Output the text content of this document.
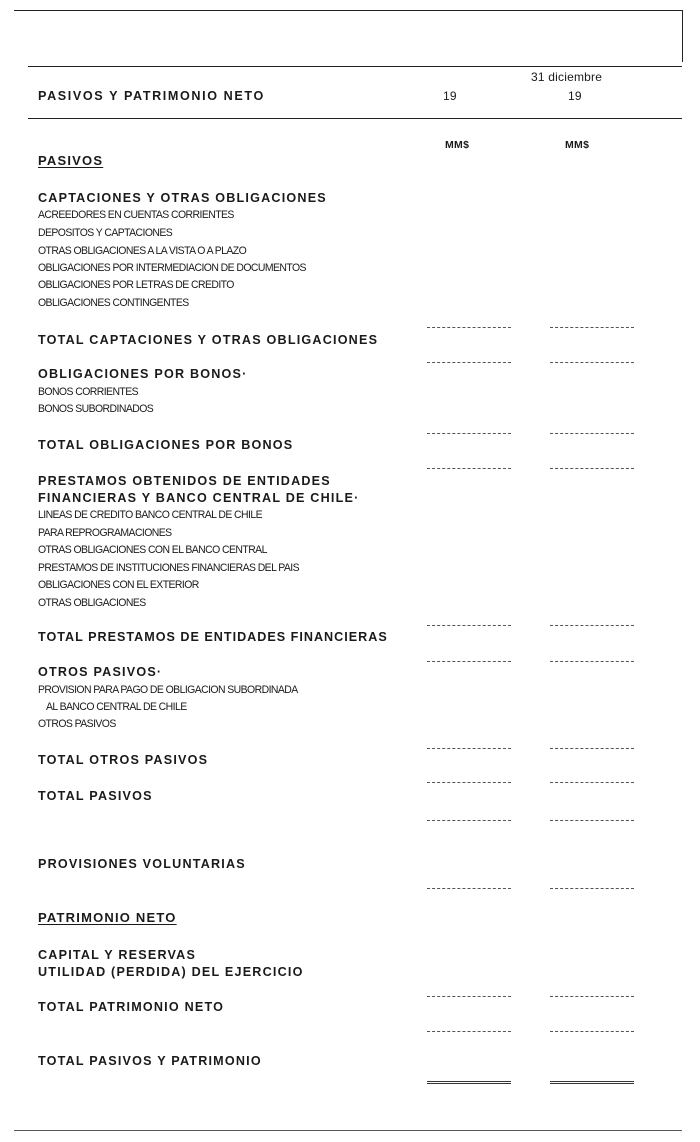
31 diciembre
PASIVOS Y PATRIMONIO NETO	19	19
MM$	MM$
PASIVOS
CAPTACIONES Y OTRAS OBLIGACIONES
ACREEDORES EN CUENTAS CORRIENTES
DEPOSITOS Y CAPTACIONES
OTRAS OBLIGACIONES A LA VISTA O A PLAZO
OBLIGACIONES POR INTERMEDIACION DE DOCUMENTOS
OBLIGACIONES POR LETRAS DE CREDITO
OBLIGACIONES CONTINGENTES
TOTAL CAPTACIONES Y OTRAS OBLIGACIONES
OBLIGACIONES POR BONOS·
BONOS CORRIENTES
BONOS SUBORDINADOS
TOTAL OBLIGACIONES POR BONOS
PRESTAMOS OBTENIDOS DE ENTIDADES
FINANCIERAS Y BANCO CENTRAL DE CHILE·
LINEAS DE CREDITO BANCO CENTRAL DE CHILE
PARA REPROGRAMACIONES
OTRAS OBLIGACIONES CON EL BANCO CENTRAL
PRESTAMOS DE INSTITUCIONES FINANCIERAS DEL PAIS
OBLIGACIONES CON EL EXTERIOR
OTRAS OBLIGACIONES
TOTAL PRESTAMOS DE ENTIDADES FINANCIERAS
OTROS PASIVOS·
PROVISION PARA PAGO DE OBLIGACION SUBORDINADA
AL BANCO CENTRAL DE CHILE
OTROS PASIVOS
TOTAL OTROS PASIVOS
TOTAL PASIVOS
PROVISIONES VOLUNTARIAS
PATRIMONIO NETO
CAPITAL Y RESERVAS
UTILIDAD (PERDIDA) DEL EJERCICIO
TOTAL PATRIMONIO NETO
TOTAL PASIVOS Y PATRIMONIO
